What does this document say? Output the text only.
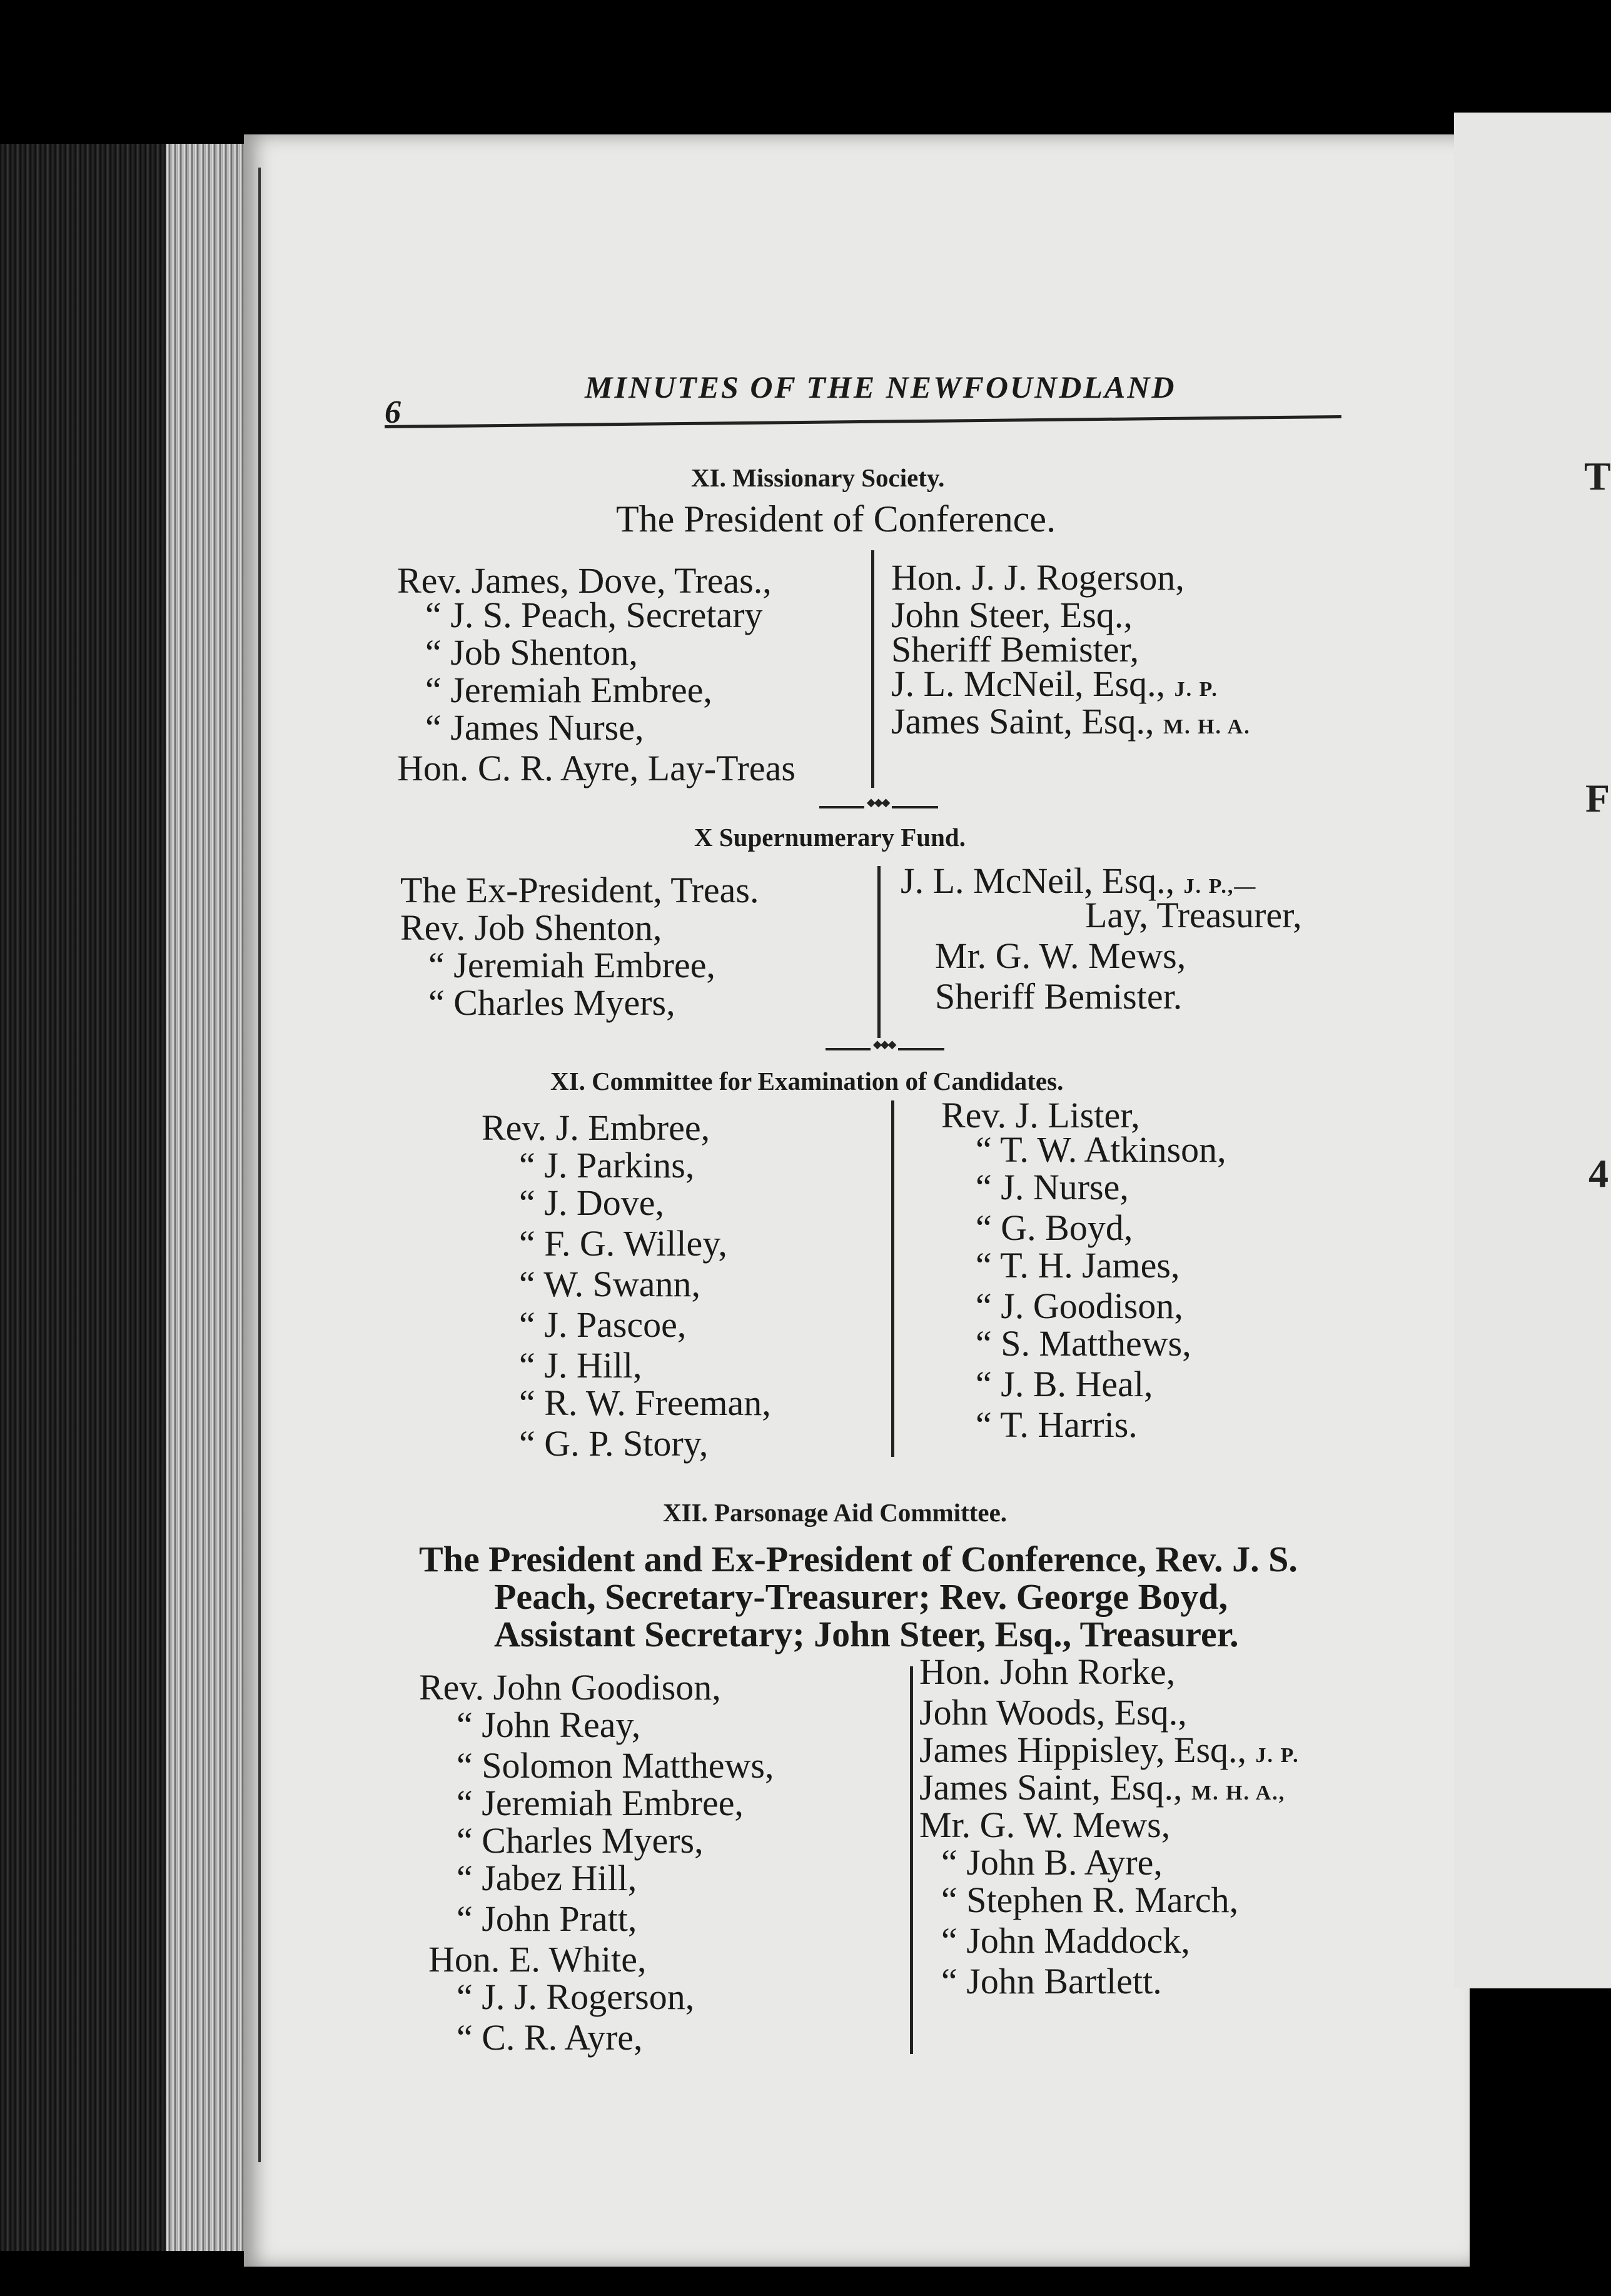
T
F
4
6
MINUTES OF THE NEWFOUNDLAND
XI. Missionary Society.
The President of Conference.
Rev. James, Dove, Treas.,
“ J. S. Peach, Secretary
“ Job Shenton,
“ Jeremiah Embree,
“ James Nurse,
Hon. C. R. Ayre, Lay-Treas
Hon. J. J. Rogerson,
John Steer, Esq.,
Sheriff Bemister,
J. L. McNeil, Esq., J. P.
James Saint, Esq., M. H. A.
◆◆◆
X Supernumerary Fund.
The Ex-President, Treas.
Rev. Job Shenton,
“ Jeremiah Embree,
“ Charles Myers,
J. L. McNeil, Esq., J. P.,—
Lay, Treasurer,
Mr. G. W. Mews,
Sheriff Bemister.
◆◆◆
XI. Committee for Examination of Candidates.
Rev. J. Embree,
“ J. Parkins,
“ J. Dove,
“ F. G. Willey,
“ W. Swann,
“ J. Pascoe,
“ J. Hill,
“ R. W. Freeman,
“ G. P. Story,
Rev. J. Lister,
“ T. W. Atkinson,
“ J. Nurse,
“ G. Boyd,
“ T. H. James,
“ J. Goodison,
“ S. Matthews,
“ J. B. Heal,
“ T. Harris.
XII. Parsonage Aid Committee.
The President and Ex-President of Conference, Rev. J. S.
Peach, Secretary-Treasurer; Rev. George Boyd,
Assistant Secretary; John Steer, Esq., Treasurer.
Rev. John Goodison,
“ John Reay,
“ Solomon Matthews,
“ Jeremiah Embree,
“ Charles Myers,
“ Jabez Hill,
“ John Pratt,
Hon. E. White,
“ J. J. Rogerson,
“ C. R. Ayre,
Hon. John Rorke,
John Woods, Esq.,
James Hippisley, Esq., J. P.
James Saint, Esq., M. H. A.,
Mr. G. W. Mews,
“ John B. Ayre,
“ Stephen R. March,
“ John Maddock,
“ John Bartlett.
